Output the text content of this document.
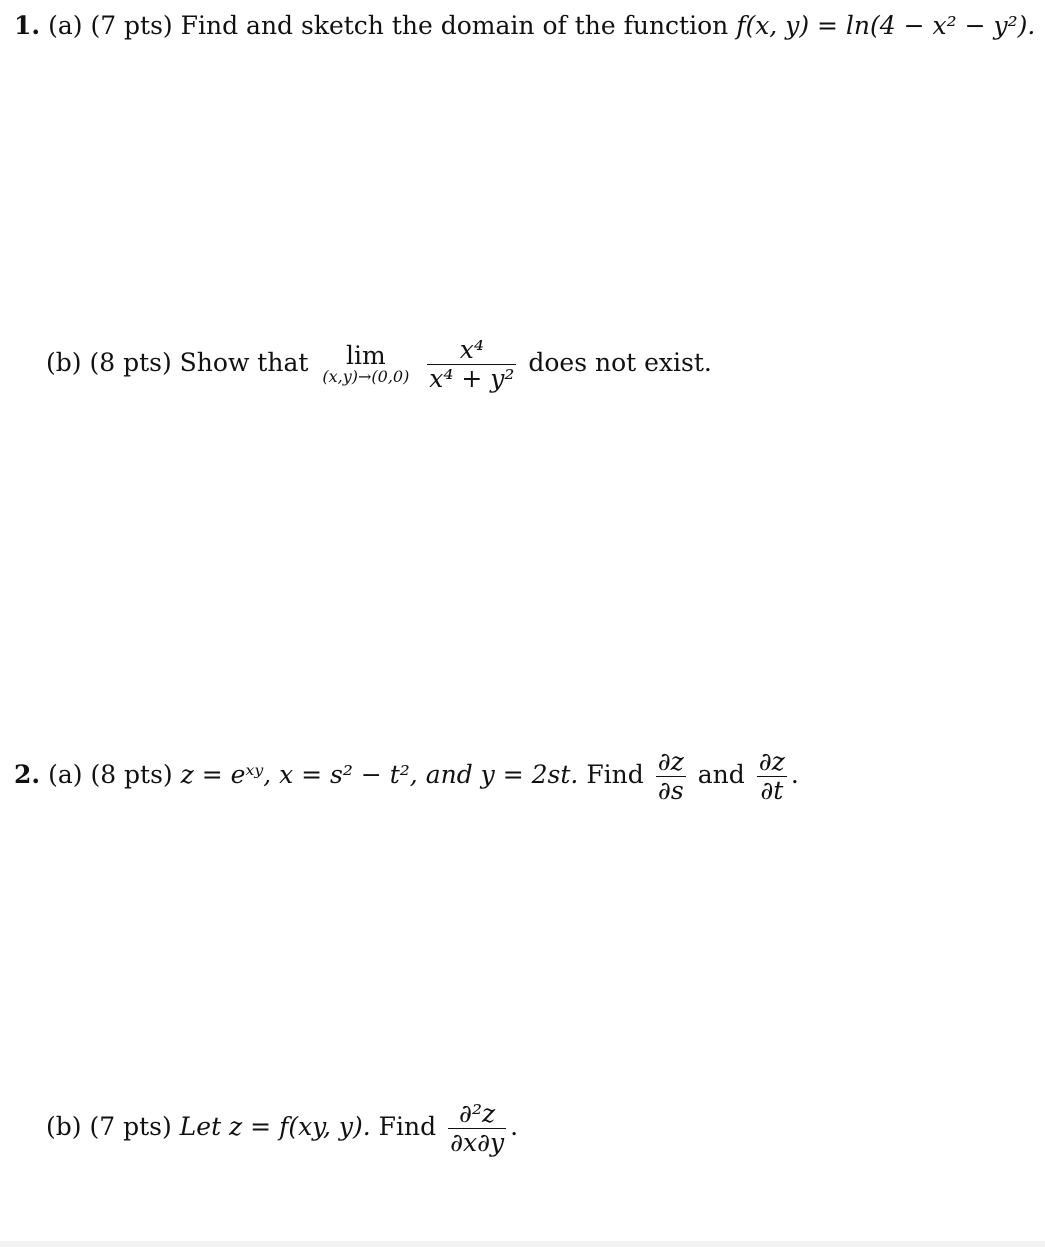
1. (a) (7 pts) Find and sketch the domain of the function f(x, y) = ln(4 − x² − y²).
(b) (8 pts) Show that	lim
(x,y)→(0,0)
$\frac{\text{x⁴}}{\text{x⁴ + y²}}$ does not exist.
2. (a) (8 pts) z = eˣʸ, x = s² − t², and y = 2st. Find $\frac{\partial z}{\partial s}$ and $\frac{\partial z}{\partial t}$ .
(b) (7 pts) Let z = f(xy, y). Find $\frac{\text{∂²z}}{\partial x\partial y}$ .
